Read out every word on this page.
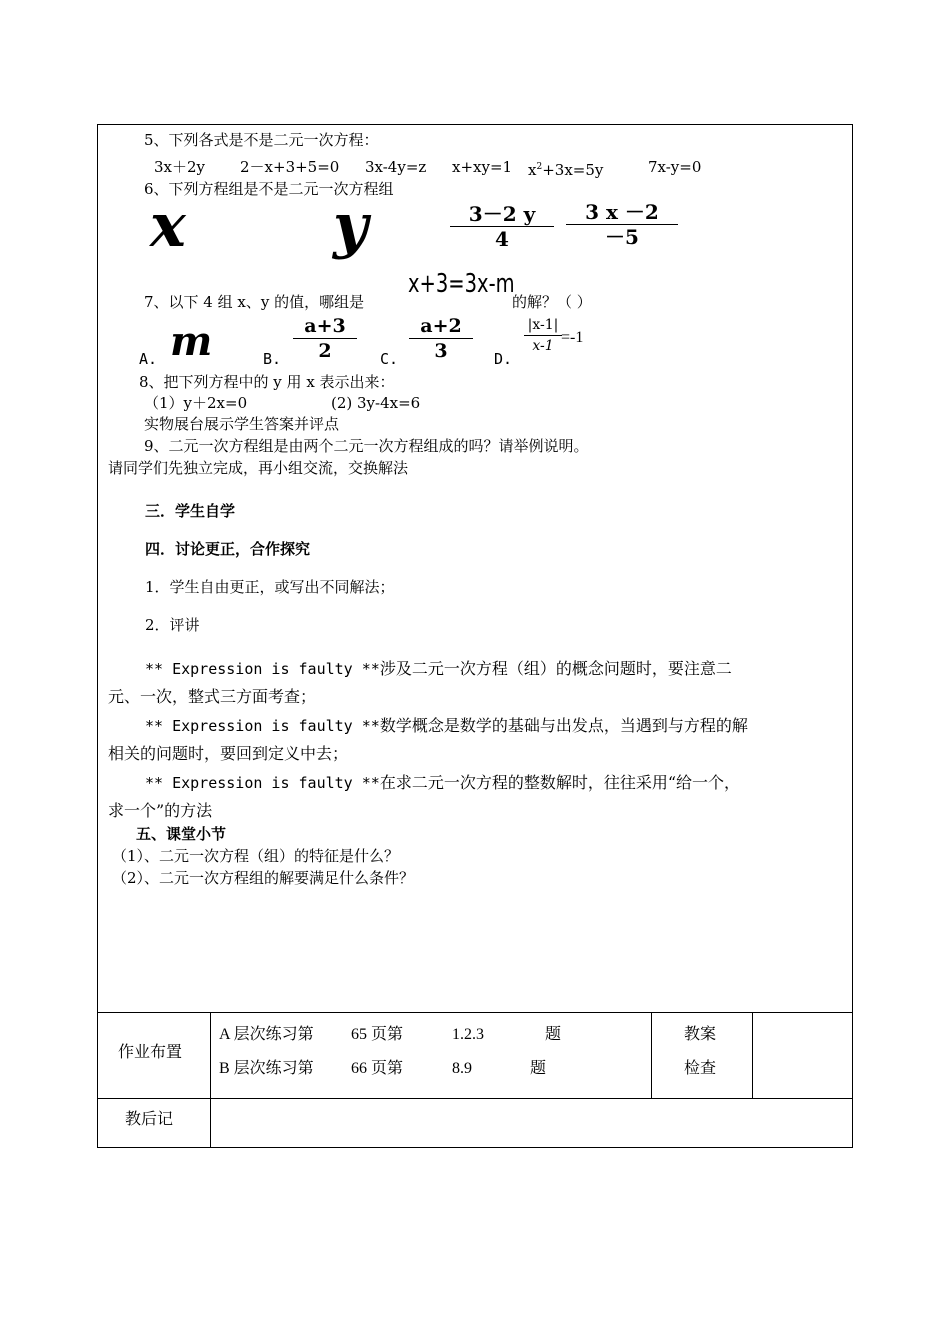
5、下列各式是不是二元一次方程：
3x＋2y 2－x+3+5=0 3x-4y=z x+xy=1 $x^2+3x=5y$	7x-y=0
6、下列方程组是不是二元一次方程组
x y	$\frac{3-2 y}{4} \frac{3 x -2}{-5}$
7、以下 4 组 x、y 的值，哪组是
x+3=3x-m
的解？（ ）
A. m	B. $\frac{a+3}{2} C$. $\frac{a+2}{3} D$.
$\frac{|x-1|}{x-1} =-1$
8、把下列方程中的 y 用 x 表示出来：
（1）y＋2x=0	(2) 3y-4x=6
实物展台展示学生答案并评点
9、二元一次方程组是由两个二元一次方程组成的吗？请举例说明。
请同学们先独立完成，再小组交流，交换解法
三．学生自学
四．讨论更正，合作探究
1．学生自由更正，或写出不同解法；
2．评讲
** Expression is faulty **涉及二元一次方程（组）的概念问题时，要注意二
元、一次，整式三方面考查；
** Expression is faulty **数学概念是数学的基础与出发点，当遇到与方程的解
相关的问题时，要回到定义中去；
** Expression is faulty **在求二元一次方程的整数解时，往往采用“给一个，
求一个”的方法
五、课堂小节
（1）、二元一次方程（组）的特征是什么？
（2）、二元一次方程组的解要满足什么条件？
作业布置
A 层次练习第 65 页第	1.2.3	题
B 层次练习第 66 页第	8.9	题
教案
检查
教后记
